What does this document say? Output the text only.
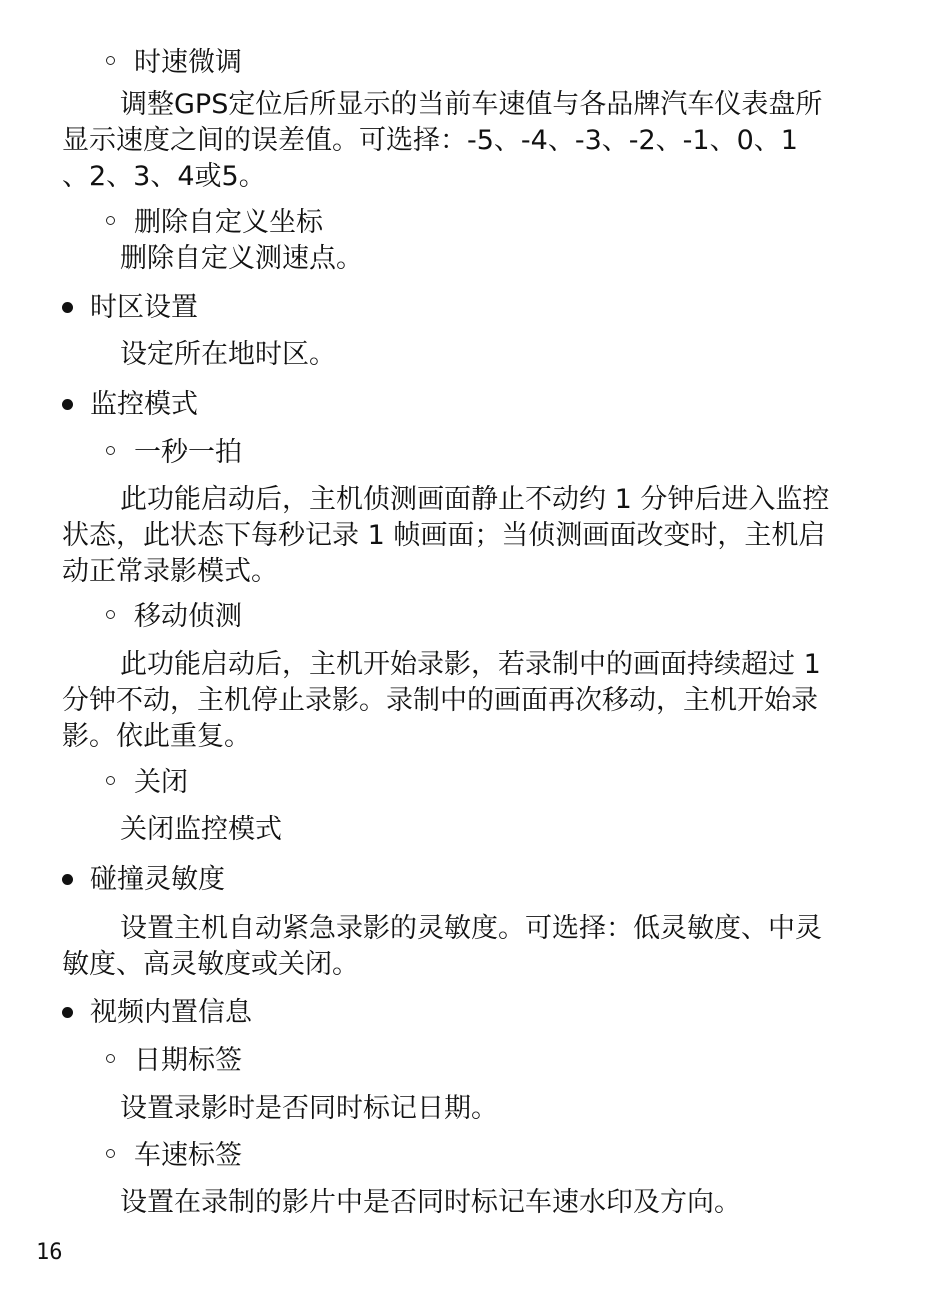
时速微调
调整GPS定位后所显示的当前车速值与各品牌汽车仪表盘所
显示速度之间的误差值。可选择：-5、-4、-3、-2、-1、0、1
、2、3、4或5。
删除自定义坐标
删除自定义测速点。
时区设置
设定所在地时区。
监控模式
一秒一拍
此功能启动后，主机侦测画面静止不动约 1 分钟后进入监控
状态，此状态下每秒记录 1 帧画面；当侦测画面改变时，主机启
动正常录影模式。
移动侦测
此功能启动后，主机开始录影，若录制中的画面持续超过 1
分钟不动，主机停止录影。录制中的画面再次移动，主机开始录
影。依此重复。
关闭
关闭监控模式
碰撞灵敏度
设置主机自动紧急录影的灵敏度。可选择：低灵敏度、中灵
敏度、高灵敏度或关闭。
视频内置信息
日期标签
设置录影时是否同时标记日期。
车速标签
设置在录制的影片中是否同时标记车速水印及方向。
16
